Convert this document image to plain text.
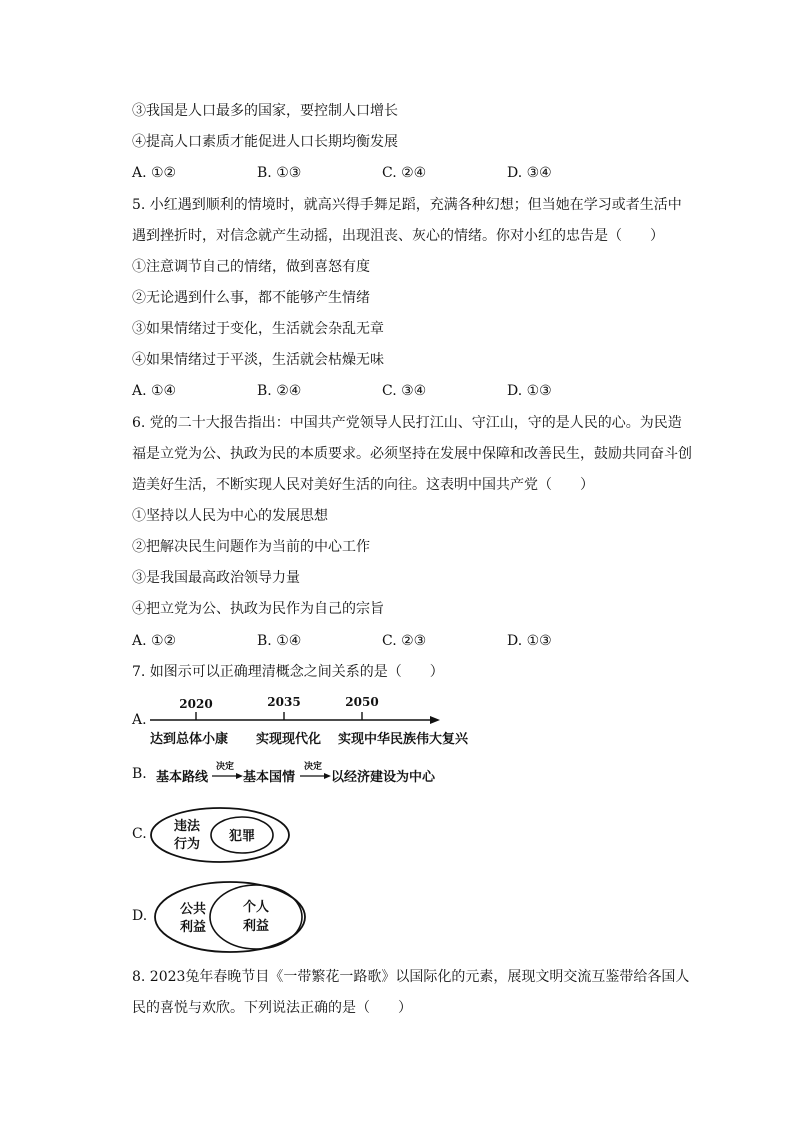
③我国是人口最多的国家，要控制人口增长
④提高人口素质才能促进人口长期均衡发展
A. ①②	B. ①③	C. ②④	D. ③④
5. 小红遇到顺利的情境时，就高兴得手舞足蹈，充满各种幻想；但当她在学习或者生活中
遇到挫折时，对信念就产生动摇，出现沮丧、灰心的情绪。你对小红的忠告是（　　）
①注意调节自己的情绪，做到喜怒有度
②无论遇到什么事，都不能够产生情绪
③如果情绪过于变化，生活就会杂乱无章
④如果情绪过于平淡，生活就会枯燥无味
A. ①④	B. ②④	C. ③④	D. ①③
6. 党的二十大报告指出：中国共产党领导人民打江山、守江山，守的是人民的心。为民造
福是立党为公、执政为民的本质要求。必须坚持在发展中保障和改善民生，鼓励共同奋斗创
造美好生活，不断实现人民对美好生活的向往。这表明中国共产党（　　）
①坚持以人民为中心的发展思想
②把解决民生问题作为当前的中心工作
③是我国最高政治领导力量
④把立党为公、执政为民作为自己的宗旨
A. ①②	B. ①④	C. ②③	D. ①③
7. 如图示可以正确理清概念之间关系的是（　　）
A.
2020	2035	2050
达到总体小康 实现现代化 实现中华民族伟大复兴
B. 基本路线
决定
基本国情
决定
以经济建设为中心
C. 违法
行为
犯罪
D.	公共
利益
个人
利益
8. 2023兔年春晚节目《一带繁花一路歌》以国际化的元素，展现文明交流互鉴带给各国人
民的喜悦与欢欣。下列说法正确的是（　　）
